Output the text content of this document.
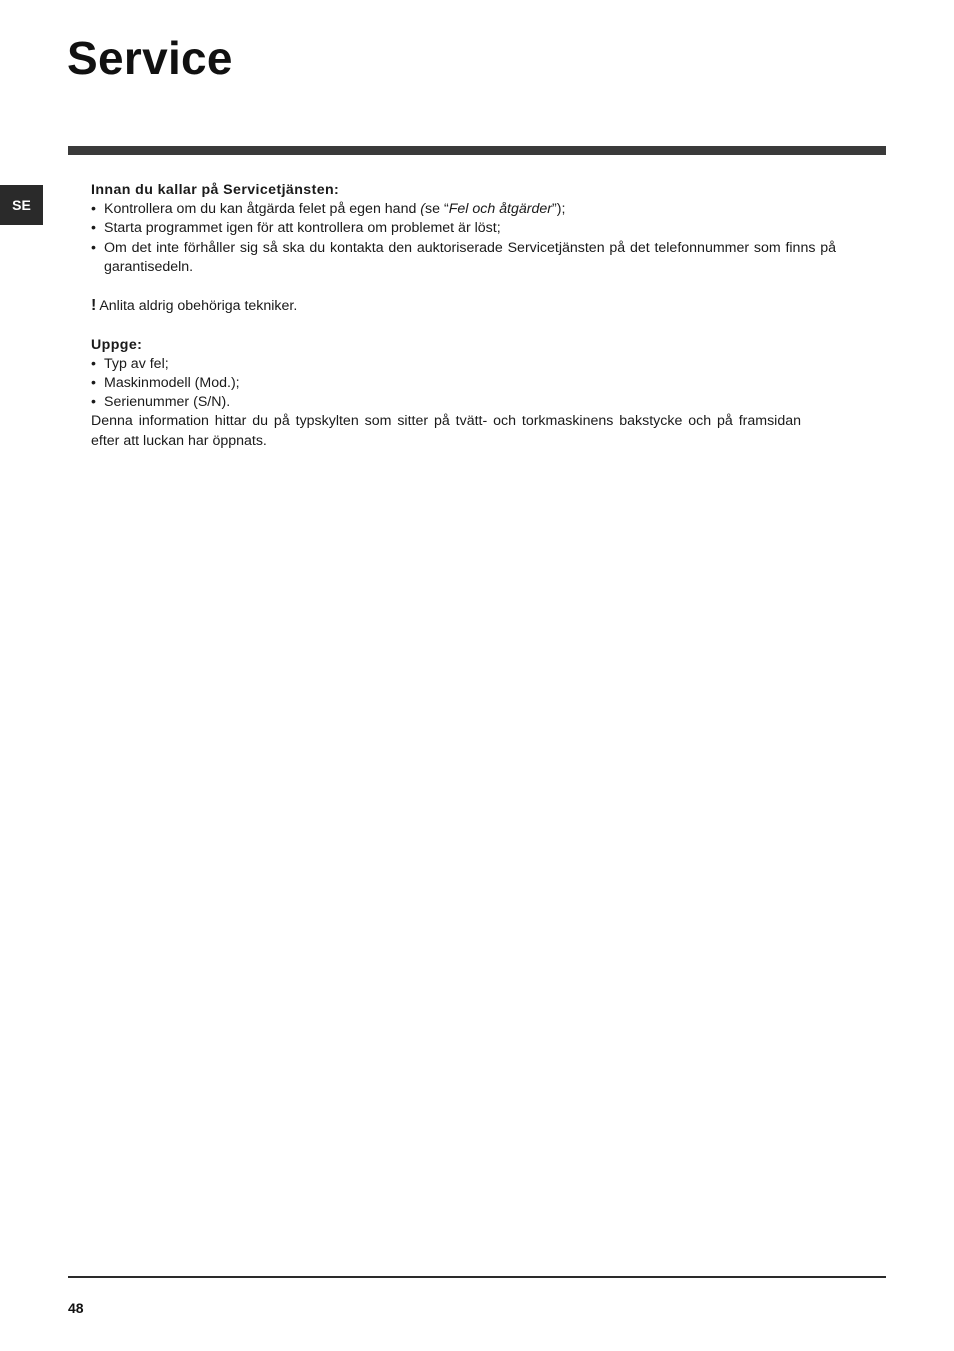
Service
SE
Innan du kallar på Servicetjänsten:
• Kontrollera om du kan åtgärda felet på egen hand (se “Fel och åtgärder”);
• Starta programmet igen för att kontrollera om problemet är löst;
• Om det inte förhåller sig så ska du kontakta den auktoriserade Servicetjänsten på det telefonnummer som finns på garantisedeln.
! Anlita aldrig obehöriga tekniker.
Uppge:
• Typ av fel;
• Maskinmodell (Mod.);
• Serienummer (S/N).
Denna information hittar du på typskylten som sitter på tvätt- och torkmaskinens bakstycke och på framsidan efter att luckan har öppnats.
48
